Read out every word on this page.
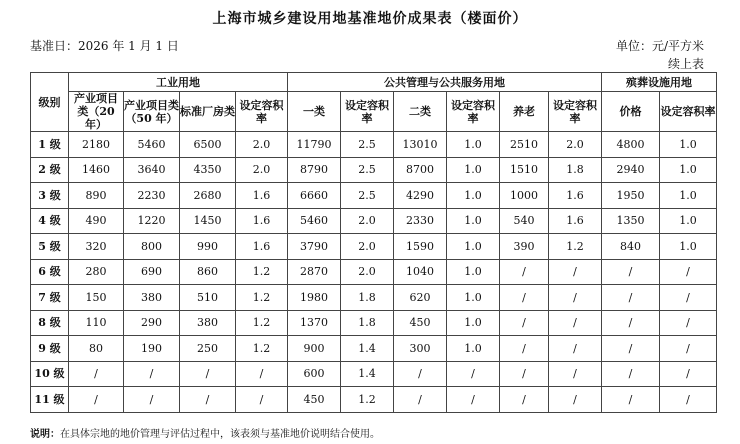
上海市城乡建设用地基准地价成果表（楼面价）
基准日：2026 年 1 月 1 日	单位：元/平方米
续上表
级别	工业用地				公共管理与公共服务用地						殡葬设施用地	
	产业项目类（20 年）	产业项目类（50 年）	标准厂房类	设定容积率	一类	设定容积率	二类	设定容积率	养老	设定容积率	价格	设定容积率
1 级	2180	5460	6500	2.0	11790	2.5	13010	1.0	2510	2.0	4800	1.0
2 级	1460	3640	4350	2.0	8790	2.5	8700	1.0	1510	1.8	2940	1.0
3 级	890	2230	2680	1.6	6660	2.5	4290	1.0	1000	1.6	1950	1.0
4 级	490	1220	1450	1.6	5460	2.0	2330	1.0	540	1.6	1350	1.0
5 级	320	800	990	1.6	3790	2.0	1590	1.0	390	1.2	840	1.0
6 级	280	690	860	1.2	2870	2.0	1040	1.0	/	/	/	/
7 级	150	380	510	1.2	1980	1.8	620	1.0	/	/	/	/
8 级	110	290	380	1.2	1370	1.8	450	1.0	/	/	/	/
9 级	80	190	250	1.2	900	1.4	300	1.0	/	/	/	/
10 级	/	/	/	/	600	1.4	/	/	/	/	/	/
11 级	/	/	/	/	450	1.2	/	/	/	/	/	/
说明：在具体宗地的地价管理与评估过程中，该表须与基准地价说明结合使用。
